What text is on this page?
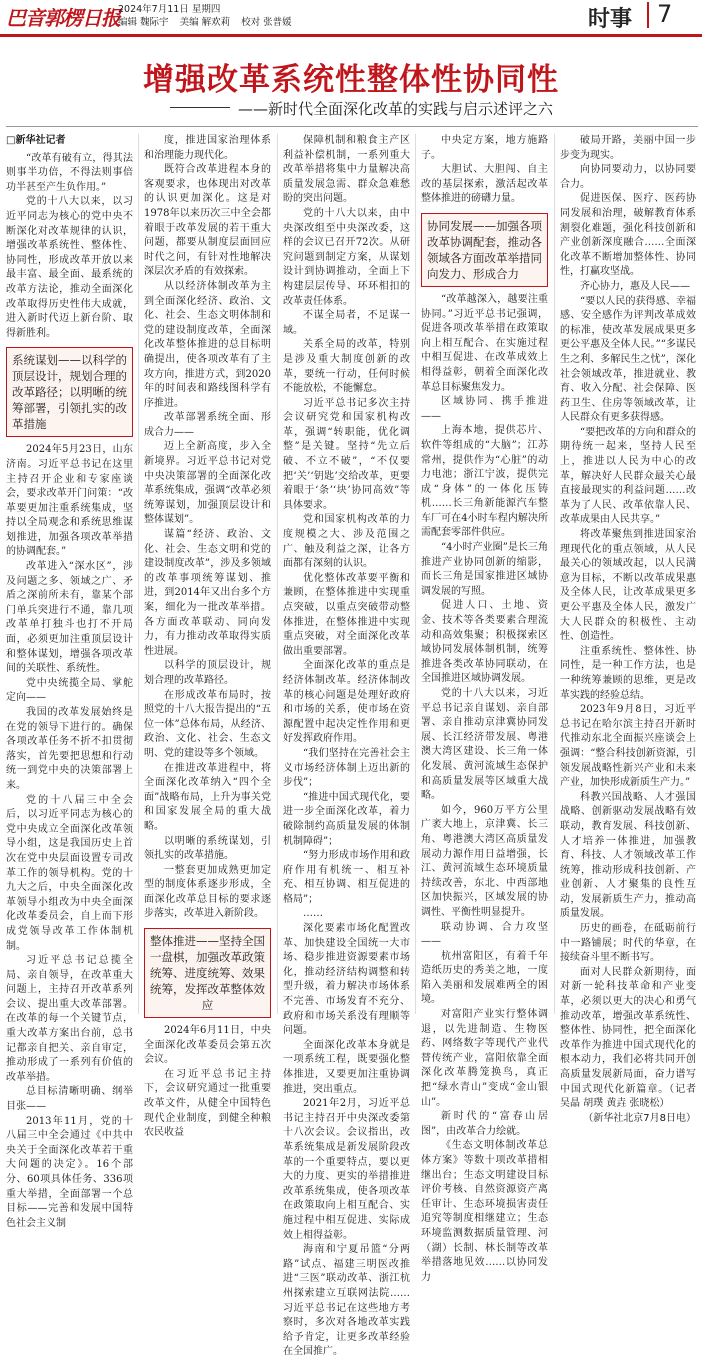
巴音郭楞日报
2024年7月11日 星期四
编辑 魏际宇 美编 解欢莉 校对 张普媛	时事 7
增强改革系统性整体性协同性
——新时代全面深化改革的实践与启示述评之六
□新华社记者

“改革有破有立，得其法则事半功倍，不得法则事倍功半甚至产生负作用。”

党的十八大以来，以习近平同志为核心的党中央不断深化对改革规律的认识，增强改革系统性、整体性、协同性，形成改革开放以来最丰富、最全面、最系统的改革方法论，推动全面深化改革取得历史性伟大成就，进入新时代迈上新台阶、取得新胜利。

系统谋划——以科学的顶层设计，规划合理的改革路径；以明晰的统筹部署，引领扎实的改革措施

2024年5月23日，山东济南。习近平总书记在这里主持召开企业和专家座谈会，要求改革开门问策：“改革要更加注重系统集成，坚持以全局观念和系统思维谋划推进，加强各项改革举措的协调配套。”

改革进入“深水区”，涉及问题之多、领域之广、矛盾之深前所未有，靠某个部门单兵突进行不通，靠几项改革单打独斗也打不开局面，必须更加注重顶层设计和整体谋划，增强各项改革间的关联性、系统性。

党中央统揽全局、掌舵定向——

我国的改革发展始终是在党的领导下进行的。确保各项改革任务不折不扣贯彻落实，首先要把思想和行动统一到党中央的决策部署上来。

党的十八届三中全会后，以习近平同志为核心的党中央成立全面深化改革领导小组，这是我国历史上首次在党中央层面设置专司改革工作的领导机构。党的十九大之后，中央全面深化改革领导小组改为中央全面深化改革委员会，自上而下形成党领导改革工作体制机制。

习近平总书记总揽全局、亲自领导，在改革重大问题上，主持召开改革系列会议、提出重大改革部署。在改革的每一个关键节点，重大改革方案出台前，总书记都亲自把关、亲自审定，推动形成了一系列有价值的改革举措。

总目标清晰明确、纲举目张——

2013年11月，党的十八届三中全会通过《中共中央关于全面深化改革若干重大问题的决定》。16个部分、60项具体任务、336项重大举措，全面部署一个总目标——完善和发展中国特色社会主义制

度，推进国家治理体系和治理能力现代化。

既符合改革进程本身的客观要求，也体现出对改革的认识更加深化。这是对1978年以来历次三中全会都着眼于改革发展的若干重大问题，都要从制度层面回应时代之问，有针对性地解决深层次矛盾的有效探索。

从以经济体制改革为主到全面深化经济、政治、文化、社会、生态文明体制和党的建设制度改革，全面深化改革整体推进的总目标明确提出，使各项改革有了主攻方向，推进方式，到2020年的时间表和路线图科学有序推进。

改革部署系统全面、形成合力——

迈上全新高度，步入全新境界。习近平总书记对党中央决策部署的全面深化改革系统集成，强调“改革必须统筹谋划，加强顶层设计和整体谋划”。

谋篇“经济、政治、文化、社会、生态文明和党的建设制度改革”，涉及多领域的改革事项统筹谋划、推进，到2014年又出台多个方案，细化为一批改革举措。各方面改革联动、同向发力，有力推动改革取得实质性进展。

以科学的顶层设计，规划合理的改革路径。

在形成改革布局时，按照党的十八大报告提出的“五位一体”总体布局，从经济、政治、文化、社会、生态文明、党的建设等多个领域。

在推进改革进程中，将全面深化改革纳入“四个全面”战略布局，上升为事关党和国家发展全局的重大战略。

以明晰的系统谋划，引领扎实的改革措施。

一整套更加成熟更加定型的制度体系逐步形成，全面深化改革总目标的要求逐步落实，改革进入新阶段。

整体推进——坚持全国一盘棋，加强改革政策统筹、进度统筹、效果统筹，发挥改革整体效应

2024年6月11日，中央全面深化改革委员会第五次会议。

在习近平总书记主持下，会议研究通过一批重要改革文件，从健全中国特色现代企业制度，到健全种粮农民收益

保障机制和粮食主产区利益补偿机制，一系列重大改革举措将集中力量解决高质量发展急需、群众急难愁盼的突出问题。

党的十八大以来，由中央深改组至中央深改委，这样的会议已召开72次。从研究问题到制定方案，从谋划设计到协调推动，全面上下构建层层传导、环环相扣的改革责任体系。

不谋全局者，不足谋一域。

关系全局的改革，特别是涉及重大制度创新的改革，要统一行动，任何时候不能放松，不能懈怠。

习近平总书记多次主持会议研究党和国家机构改革，强调“转职能，优化调整”是关键。坚持“先立后破、不立不破”，“不仅要把‘关’‘钥匙’交给改革，更要着眼于‘条’‘块’协同高效”等具体要求。

党和国家机构改革的力度规模之大、涉及范围之广、触及利益之深，让各方面都有深刻的认识。

优化整体改革要平衡和兼顾，在整体推进中实现重点突破，以重点突破带动整体推进，在整体推进中实现重点突破，对全面深化改革做出重要部署。

全面深化改革的重点是经济体制改革。经济体制改革的核心问题是处理好政府和市场的关系，使市场在资源配置中起决定性作用和更好发挥政府作用。

“我们坚持在完善社会主义市场经济体制上迈出新的步伐”；

“推进中国式现代化，要进一步全面深化改革，着力破除制约高质量发展的体制机制障碍”；

“努力形成市场作用和政府作用有机统一、相互补充、相互协调、相互促进的格局”；

……

深化要素市场化配置改革、加快建设全国统一大市场、稳步推进资源要素市场化，推动经济结构调整和转型升级，着力解决市场体系不完善、市场发育不充分、政府和市场关系没有理顺等问题。

全面深化改革本身就是一项系统工程，既要强化整体推进，又要更加注重协调推进，突出重点。

2021年2月，习近平总书记主持召开中央深改委第十八次会议。会议指出，改革系统集成是新发展阶段改革的一个重要特点，要以更大的力度、更实的举措推进改革系统集成，使各项改革在政策取向上相互配合、实施过程中相互促进、实际成效上相得益彰。

海南和宁夏吊篮“分两路”试点、福建三明医改推进“三医”联动改革、浙江杭州探索建立互联网法院……习近平总书记在这些地方考察时，多次对各地改革实践给予肯定，让更多改革经验在全国推广。

中央定方案，地方施路子。

大胆试、大胆闯、自主改的基层探索，激活起改革整体推进的磅礴力量。

协同发展——加强各项改革协调配套，推动各领域各方面改革举措同向发力、形成合力

“改革越深入，越要注重协同。”习近平总书记强调，促进各项改革举措在政策取向上相互配合、在实施过程中相互促进、在改革成效上相得益彰，朝着全面深化改革总目标聚焦发力。

区域协同、携手推进——

上海本地，提供芯片、软件等组成的“大脑”；江苏常州，提供作为“心脏”的动力电池；浙江宁波，提供完成“身体”的一体化压铸机……长三角新能源汽车整车厂可在4小时车程内解决所需配套零部件供应。

“4小时产业圈”是长三角推进产业协同创新的缩影，而长三角是国家推进区域协调发展的写照。

促进人口、土地、资金、技术等各类要素合理流动和高效集聚；积极探索区域协同发展体制机制，统筹推进各类改革协同联动，在全国推进区域协调发展。

党的十八大以来，习近平总书记亲自谋划、亲自部署、亲自推动京津冀协同发展、长江经济带发展、粤港澳大湾区建设、长三角一体化发展、黄河流域生态保护和高质量发展等区域重大战略。

如今，960万平方公里广袤大地上，京津冀、长三角、粤港澳大湾区高质量发展动力源作用日益增强，长江、黄河流域生态环境质量持续改善，东北、中西部地区加快振兴，区域发展的协调性、平衡性明显提升。

联动协调、合力攻坚——

杭州富阳区，有着千年造纸历史的秀美之地，一度陷入美丽和发展难两全的困境。

对富阳产业实行整体调退，以先进制造、生物医药、网络数字等现代产业代替传统产业，富阳依靠全面深化改革腾笼换鸟，真正把“绿水青山”变成“金山银山”。

新时代的“富春山居图”，由改革合力绘就。

《生态文明体制改革总体方案》等数十项改革措相继出台；生态文明建设目标评价考核、自然资源资产离任审计、生态环境损害责任追究等制度相继建立；生态环境监测数据质量管理、河（湖）长制、林长制等改革举措落地见效……以协同发力

破局开路，美丽中国一步步变为现实。

向协同要动力，以协同要合力。

促进医保、医疗、医药协同发展和治理，破解教育体系割裂化难题，强化科技创新和产业创新深度融合……全面深化改革不断增加整体性、协同性，打赢攻坚战。

齐心协力，惠及人民——

“要以人民的获得感、幸福感、安全感作为评判改革成效的标准，使改革发展成果更多更公平惠及全体人民。”“多谋民生之利、多解民生之忧”，深化社会领域改革，推进就业、教育、收入分配、社会保障、医药卫生、住房等领域改革，让人民群众有更多获得感。

“要把改革的方向和群众的期待统一起来，坚持人民至上，推进以人民为中心的改革，解决好人民群众最关心最直接最现实的利益问题……改革为了人民、改革依靠人民、改革成果由人民共享。”

将改革聚焦到推进国家治理现代化的重点领域，从人民最关心的领域改起，以人民满意为目标，不断以改革成果惠及全体人民，让改革成果更多更公平惠及全体人民，激发广大人民群众的积极性、主动性、创造性。

注重系统性、整体性、协同性，是一种工作方法，也是一种统筹兼顾的思维，更是改革实践的经验总结。

2023年9月8日，习近平总书记在哈尔滨主持召开新时代推动东北全面振兴座谈会上强调：“整合科技创新资源，引领发展战略性新兴产业和未来产业，加快形成新质生产力。”

科教兴国战略、人才强国战略、创新驱动发展战略有效联动，教育发展、科技创新、人才培养一体推进，加强教育、科技、人才领域改革工作统筹，推动形成科技创新、产业创新、人才聚集的良性互动，发展新质生产力，推动高质量发展。

历史的画卷，在砥砺前行中一路铺展；时代的华章，在接续奋斗里不断书写。

面对人民群众新期待，面对新一轮科技革命和产业变革，必须以更大的决心和勇气推动改革，增强改革系统性、整体性、协同性，把全面深化改革作为推进中国式现代化的根本动力，我们必将共同开创高质量发展新局面，奋力谱写中国式现代化新篇章。（记者 吴晶 胡璞 黄垚 张晓松）

（新华社北京7月8日电）
